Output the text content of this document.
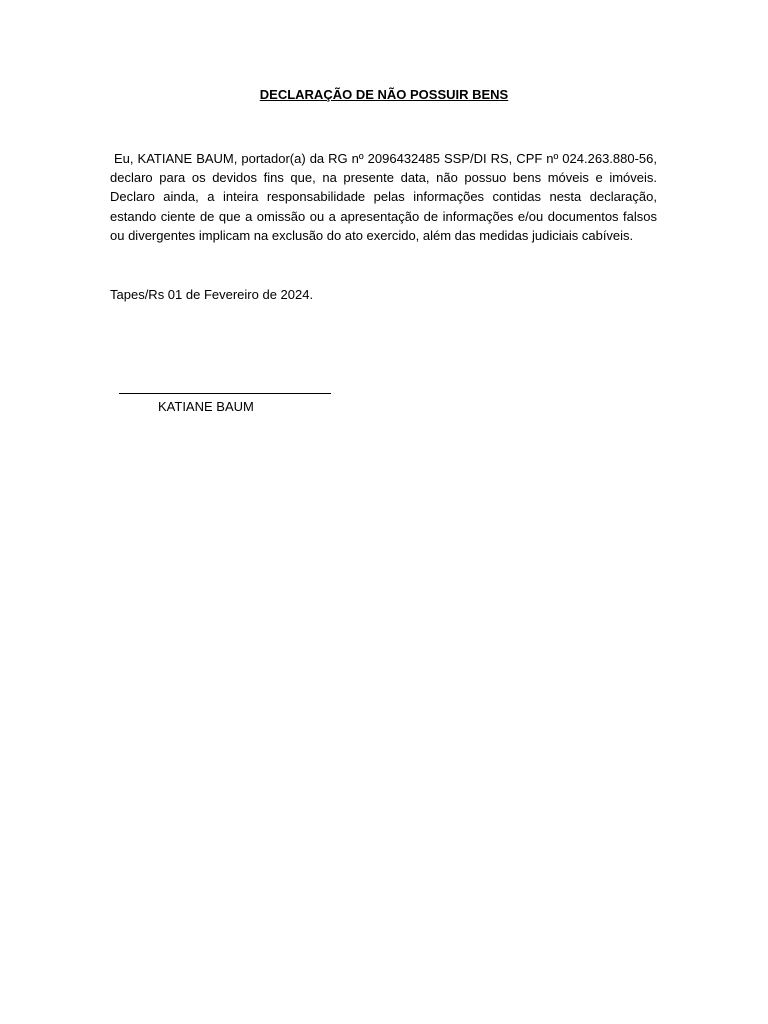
DECLARAÇÃO DE NÃO POSSUIR BENS
Eu, KATIANE BAUM, portador(a) da RG nº 2096432485 SSP/DI RS, CPF nº 024.263.880-56, declaro para os devidos fins que, na presente data, não possuo bens móveis e imóveis. Declaro ainda, a inteira responsabilidade pelas informações contidas nesta declaração, estando ciente de que a omissão ou a apresentação de informações e/ou documentos falsos ou divergentes implicam na exclusão do ato exercido, além das medidas judiciais cabíveis.
Tapes/Rs 01 de Fevereiro de 2024.
KATIANE BAUM
